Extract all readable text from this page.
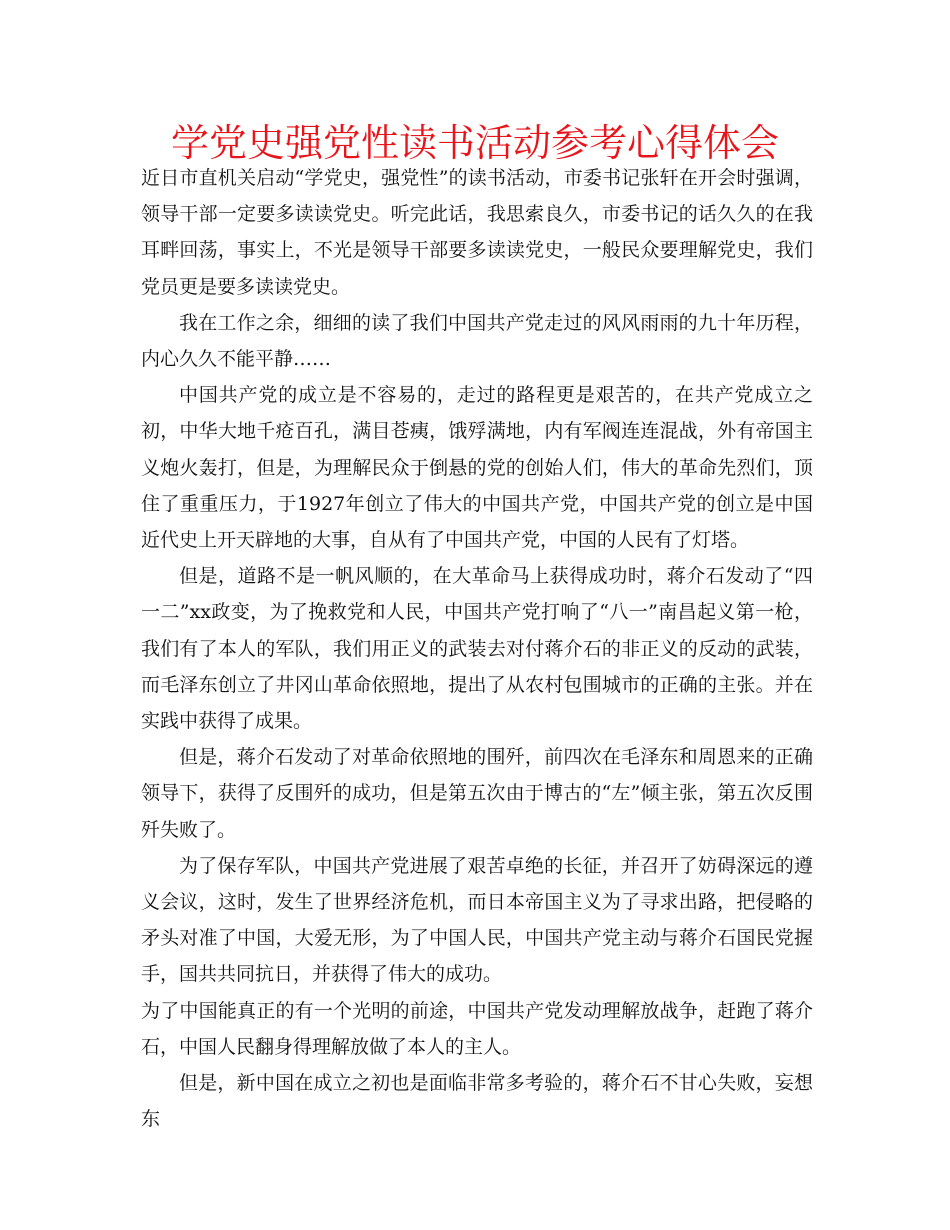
学党史强党性读书活动参考心得体会

近日市直机关启动“学党史，强党性”的读书活动，市委书记张轩在开会时强调，领导干部一定要多读读党史。听完此话，我思索良久，市委书记的话久久的在我耳畔回荡，事实上，不光是领导干部要多读读党史，一般民众要理解党史，我们党员更是要多读读党史。

我在工作之余，细细的读了我们中国共产党走过的风风雨雨的九十年历程，内心久久不能平静……

中国共产党的成立是不容易的，走过的路程更是艰苦的，在共产党成立之初，中华大地千疮百孔，满目苍痍，饿殍满地，内有军阀连连混战，外有帝国主义炮火轰打，但是，为理解民众于倒悬的党的创始人们，伟大的革命先烈们，顶住了重重压力，于1927年创立了伟大的中国共产党，中国共产党的创立是中国近代史上开天辟地的大事，自从有了中国共产党，中国的人民有了灯塔。

但是，道路不是一帆风顺的，在大革命马上获得成功时，蒋介石发动了“四一二”xx政变，为了挽救党和人民，中国共产党打响了“八一”南昌起义第一枪，我们有了本人的军队，我们用正义的武装去对付蒋介石的非正义的反动的武装，而毛泽东创立了井冈山革命依照地，提出了从农村包围城市的正确的主张。并在实践中获得了成果。

但是，蒋介石发动了对革命依照地的围歼，前四次在毛泽东和周恩来的正确领导下，获得了反围歼的成功，但是第五次由于博古的“左”倾主张，第五次反围歼失败了。

为了保存军队，中国共产党进展了艰苦卓绝的长征，并召开了妨碍深远的遵义会议，这时，发生了世界经济危机，而日本帝国主义为了寻求出路，把侵略的矛头对准了中国，大爱无形，为了中国人民，中国共产党主动与蒋介石国民党握手，国共共同抗日，并获得了伟大的成功。

为了中国能真正的有一个光明的前途，中国共产党发动理解放战争，赶跑了蒋介石，中国人民翻身得理解放做了本人的主人。

但是，新中国在成立之初也是面临非常多考验的，蒋介石不甘心失败，妄想东
